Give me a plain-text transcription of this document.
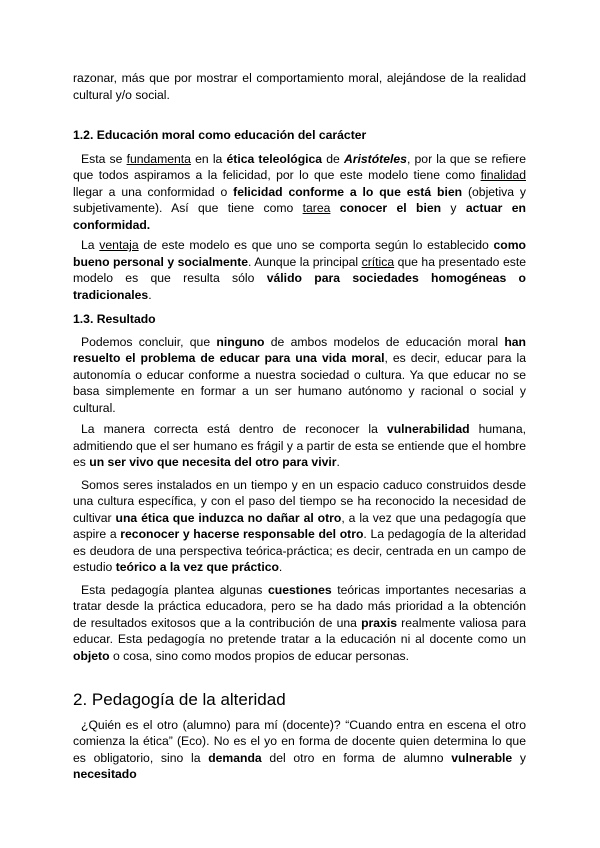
razonar, más que por mostrar el comportamiento moral, alejándose de la realidad cultural y/o social.

1.2. Educación moral como educación del carácter

Esta se fundamenta en la ética teleológica de Aristóteles, por la que se refiere que todos aspiramos a la felicidad, por lo que este modelo tiene como finalidad llegar a una conformidad o felicidad conforme a lo que está bien (objetiva y subjetivamente). Así que tiene como tarea conocer el bien y actuar en conformidad.

La ventaja de este modelo es que uno se comporta según lo establecido como bueno personal y socialmente. Aunque la principal crítica que ha presentado este modelo es que resulta sólo válido para sociedades homogéneas o tradicionales.

1.3. Resultado

Podemos concluir, que ninguno de ambos modelos de educación moral han resuelto el problema de educar para una vida moral, es decir, educar para la autonomía o educar conforme a nuestra sociedad o cultura. Ya que educar no se basa simplemente en formar a un ser humano autónomo y racional o social y cultural.

La manera correcta está dentro de reconocer la vulnerabilidad humana, admitiendo que el ser humano es frágil y a partir de esta se entiende que el hombre es un ser vivo que necesita del otro para vivir.

Somos seres instalados en un tiempo y en un espacio caduco construidos desde una cultura específica, y con el paso del tiempo se ha reconocido la necesidad de cultivar una ética que induzca no dañar al otro, a la vez que una pedagogía que aspire a reconocer y hacerse responsable del otro. La pedagogía de la alteridad es deudora de una perspectiva teórica-práctica; es decir, centrada en un campo de estudio teórico a la vez que práctico.

Esta pedagogía plantea algunas cuestiones teóricas importantes necesarias a tratar desde la práctica educadora, pero se ha dado más prioridad a la obtención de resultados exitosos que a la contribución de una praxis realmente valiosa para educar. Esta pedagogía no pretende tratar a la educación ni al docente como un objeto o cosa, sino como modos propios de educar personas.

2. Pedagogía de la alteridad

¿Quién es el otro (alumno) para mí (docente)? “Cuando entra en escena el otro comienza la ética” (Eco). No es el yo en forma de docente quien determina lo que es obligatorio, sino la demanda del otro en forma de alumno vulnerable y necesitado
